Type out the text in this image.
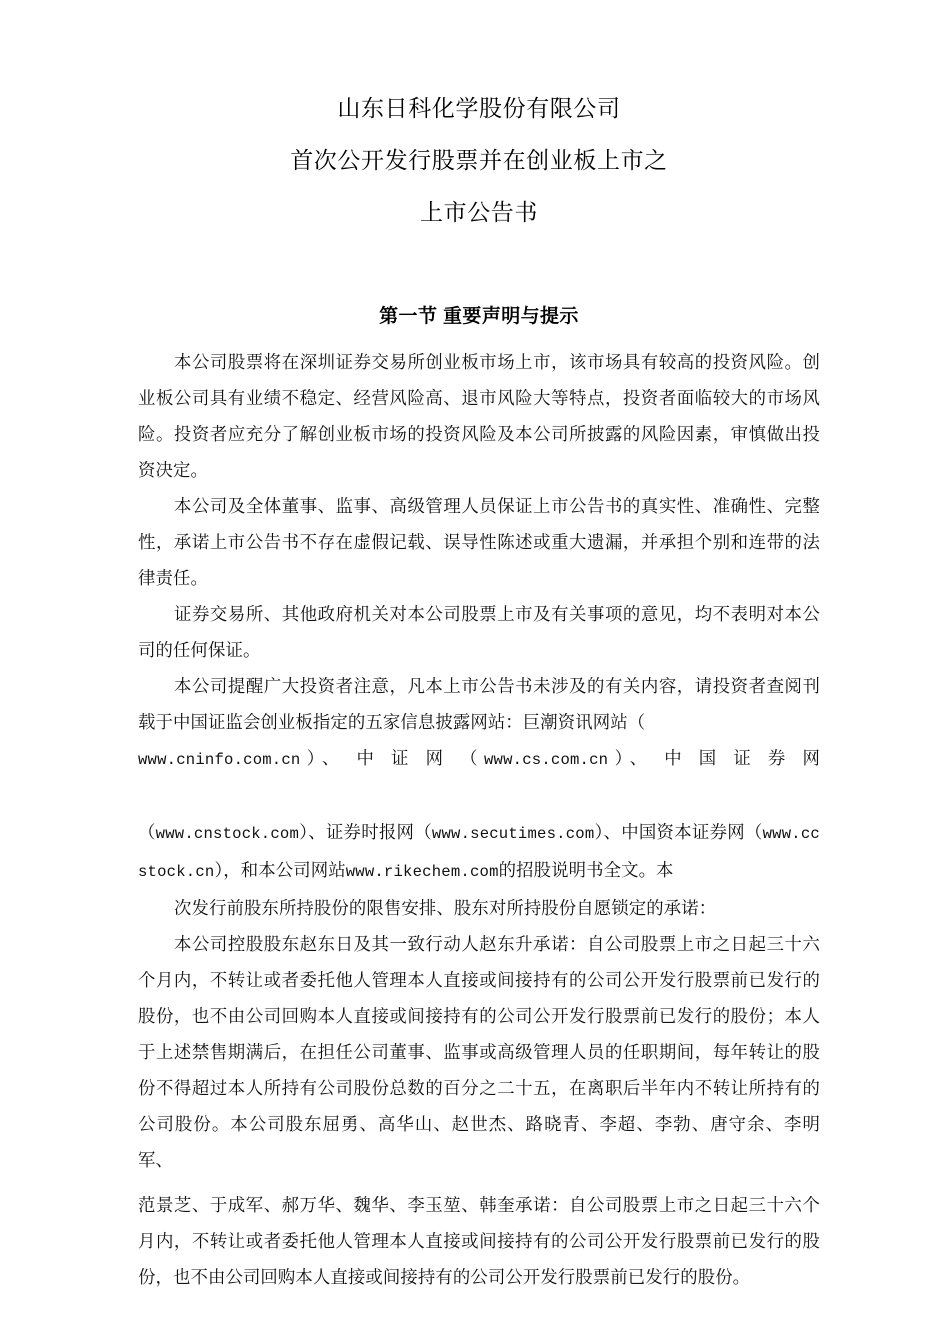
山东日科化学股份有限公司
首次公开发行股票并在创业板上市之
上市公告书
第一节 重要声明与提示

本公司股票将在深圳证券交易所创业板市场上市，该市场具有较高的投资风险。创业板公司具有业绩不稳定、经营风险高、退市风险大等特点，投资者面临较大的市场风险。投资者应充分了解创业板市场的投资风险及本公司所披露的风险因素，审慎做出投资决定。

本公司及全体董事、监事、高级管理人员保证上市公告书的真实性、准确性、完整性，承诺上市公告书不存在虚假记载、误导性陈述或重大遗漏，并承担个别和连带的法律责任。

证券交易所、其他政府机关对本公司股票上市及有关事项的意见，均不表明对本公司的任何保证。

本公司提醒广大投资者注意，凡本上市公告书未涉及的有关内容，请投资者查阅刊载于中国证监会创业板指定的五家信息披露网站：巨潮资讯网站（
www.cninfo.com.cn）、 中 证 网 （www.cs.com.cn）、 中 国 证 券 网
（www.cnstock.com）、证券时报网（www.secutimes.com）、中国资本证券网（www.ccstock.cn），和本公司网站www.rikechem.com的招股说明书全文。本

次发行前股东所持股份的限售安排、股东对所持股份自愿锁定的承诺：

本公司控股股东赵东日及其一致行动人赵东升承诺：自公司股票上市之日起三十六个月内，不转让或者委托他人管理本人直接或间接持有的公司公开发行股票前已发行的股份，也不由公司回购本人直接或间接持有的公司公开发行股票前已发行的股份；本人于上述禁售期满后，在担任公司董事、监事或高级管理人员的任职期间，每年转让的股份不得超过本人所持有公司股份总数的百分之二十五，在离职后半年内不转让所持有的公司股份。本公司股东屈勇、高华山、赵世杰、路晓青、李超、李勃、唐守余、李明军、

范景芝、于成军、郝万华、魏华、李玉堃、韩奎承诺：自公司股票上市之日起三十六个月内，不转让或者委托他人管理本人直接或间接持有的公司公开发行股票前已发行的股份，也不由公司回购本人直接或间接持有的公司公开发行股票前已发行的股份。
